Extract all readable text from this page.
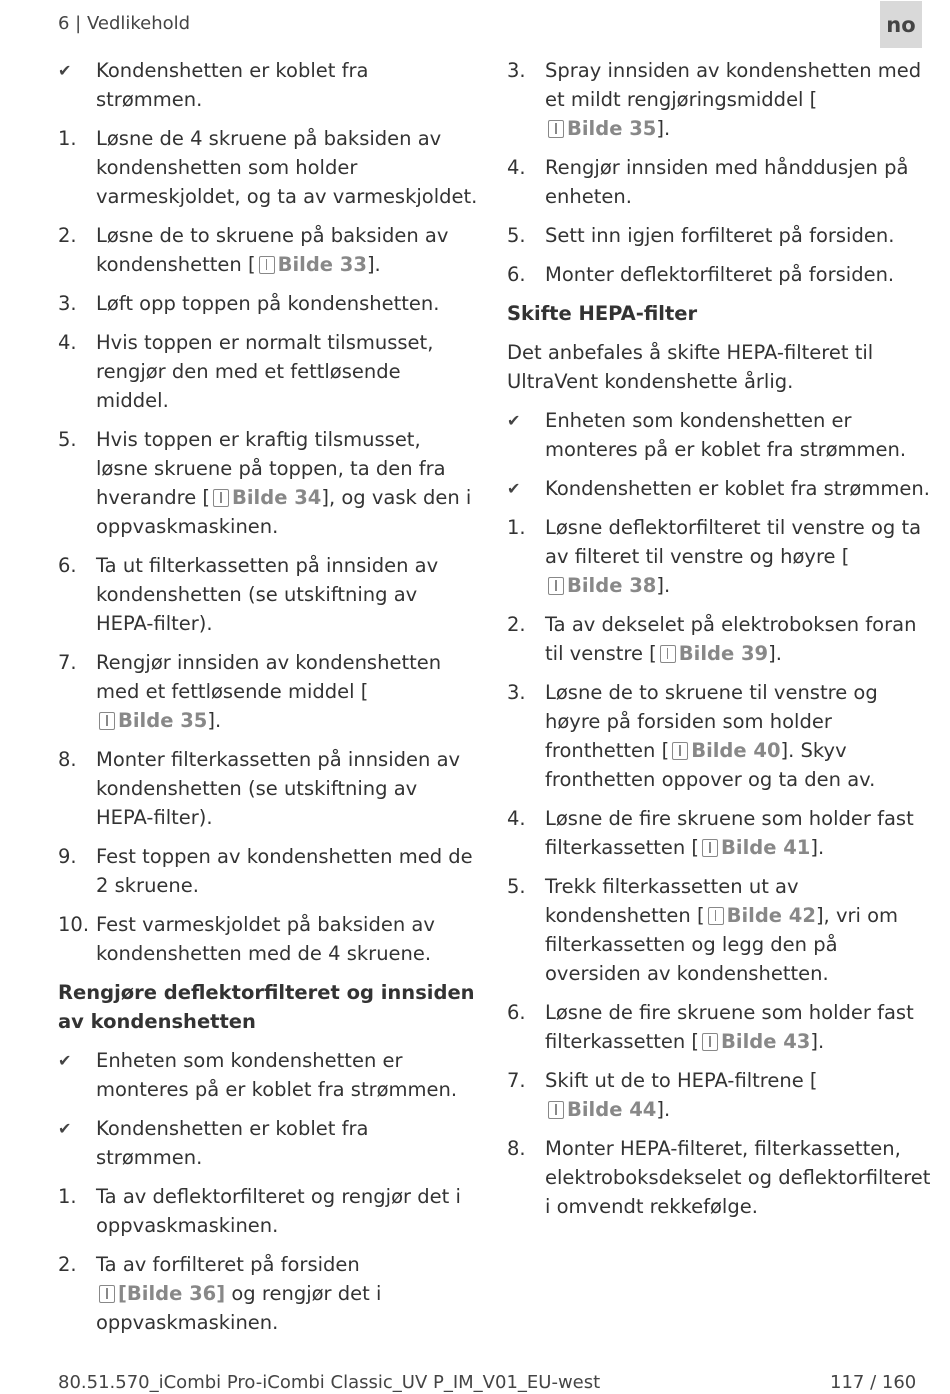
6 | Vedlikehold	no
✔	Kondenshetten er koblet fra strømmen.
1. Løsne de 4 skruene på baksiden av kondenshetten som holder varmeskjoldet, og ta av varmeskjoldet.
2. Løsne de to skruene på baksiden av kondenshetten [ Bilde 33].
3. Løft opp toppen på kondenshetten.
4. Hvis toppen er normalt tilsmusset, rengjør den med et fettløsende middel.
5. Hvis toppen er kraftig tilsmusset, løsne skruene på toppen, ta den fra hverandre [ Bilde 34], og vask den i oppvaskmaskinen.
6. Ta ut filterkassetten på innsiden av kondenshetten (se utskiftning av HEPA-filter).
7. Rengjør innsiden av kondenshetten med et fettløsende middel [Bilde 35].
8. Monter filterkassetten på innsiden av kondenshetten (se utskiftning av HEPA-filter).
9. Fest toppen av kondenshetten med de 2 skruene.
10. Fest varmeskjoldet på baksiden av kondenshetten med de 4 skruene.
Rengjøre deflektorfilteret og innsiden av kondenshetten
✔	Enheten som kondenshetten er monteres på er koblet fra strømmen.
✔	Kondenshetten er koblet fra strømmen.
1. Ta av deflektorfilteret og rengjør det i oppvaskmaskinen.
2. Ta av forfilteret på forsiden [Bilde 36] og rengjør det i oppvaskmaskinen.
3. Spray innsiden av kondenshetten med et mildt rengjøringsmiddel [Bilde 35].
4. Rengjør innsiden med hånddusjen på enheten.
5. Sett inn igjen forfilteret på forsiden.
6. Monter deflektorfilteret på forsiden.
Skifte HEPA-filter
Det anbefales å skifte HEPA-filteret til UltraVent kondenshette årlig.
✔	Enheten som kondenshetten er monteres på er koblet fra strømmen.
✔	Kondenshetten er koblet fra strømmen.
1. Løsne deflektorfilteret til venstre og ta av filteret til venstre og høyre [Bilde 38].
2. Ta av dekselet på elektroboksen foran til venstre [ Bilde 39].
3. Løsne de to skruene til venstre og høyre på forsiden som holder fronthetten [ Bilde 40]. Skyv fronthetten oppover og ta den av.
4. Løsne de fire skruene som holder fast filterkassetten [ Bilde 41].
5. Trekk filterkassetten ut av kondenshetten [ Bilde 42], vri om filterkassetten og legg den på oversiden av kondenshetten.
6. Løsne de fire skruene som holder fast filterkassetten [ Bilde 43].
7. Skift ut de to HEPA-filtrene [Bilde 44].
8. Monter HEPA-filteret, filterkassetten, elektroboksdekselet og deflektorfilteret i omvendt rekkefølge.
80.51.570_iCombi Pro-iCombi Classic_UV P_IM_V01_EU-west	117 / 160
